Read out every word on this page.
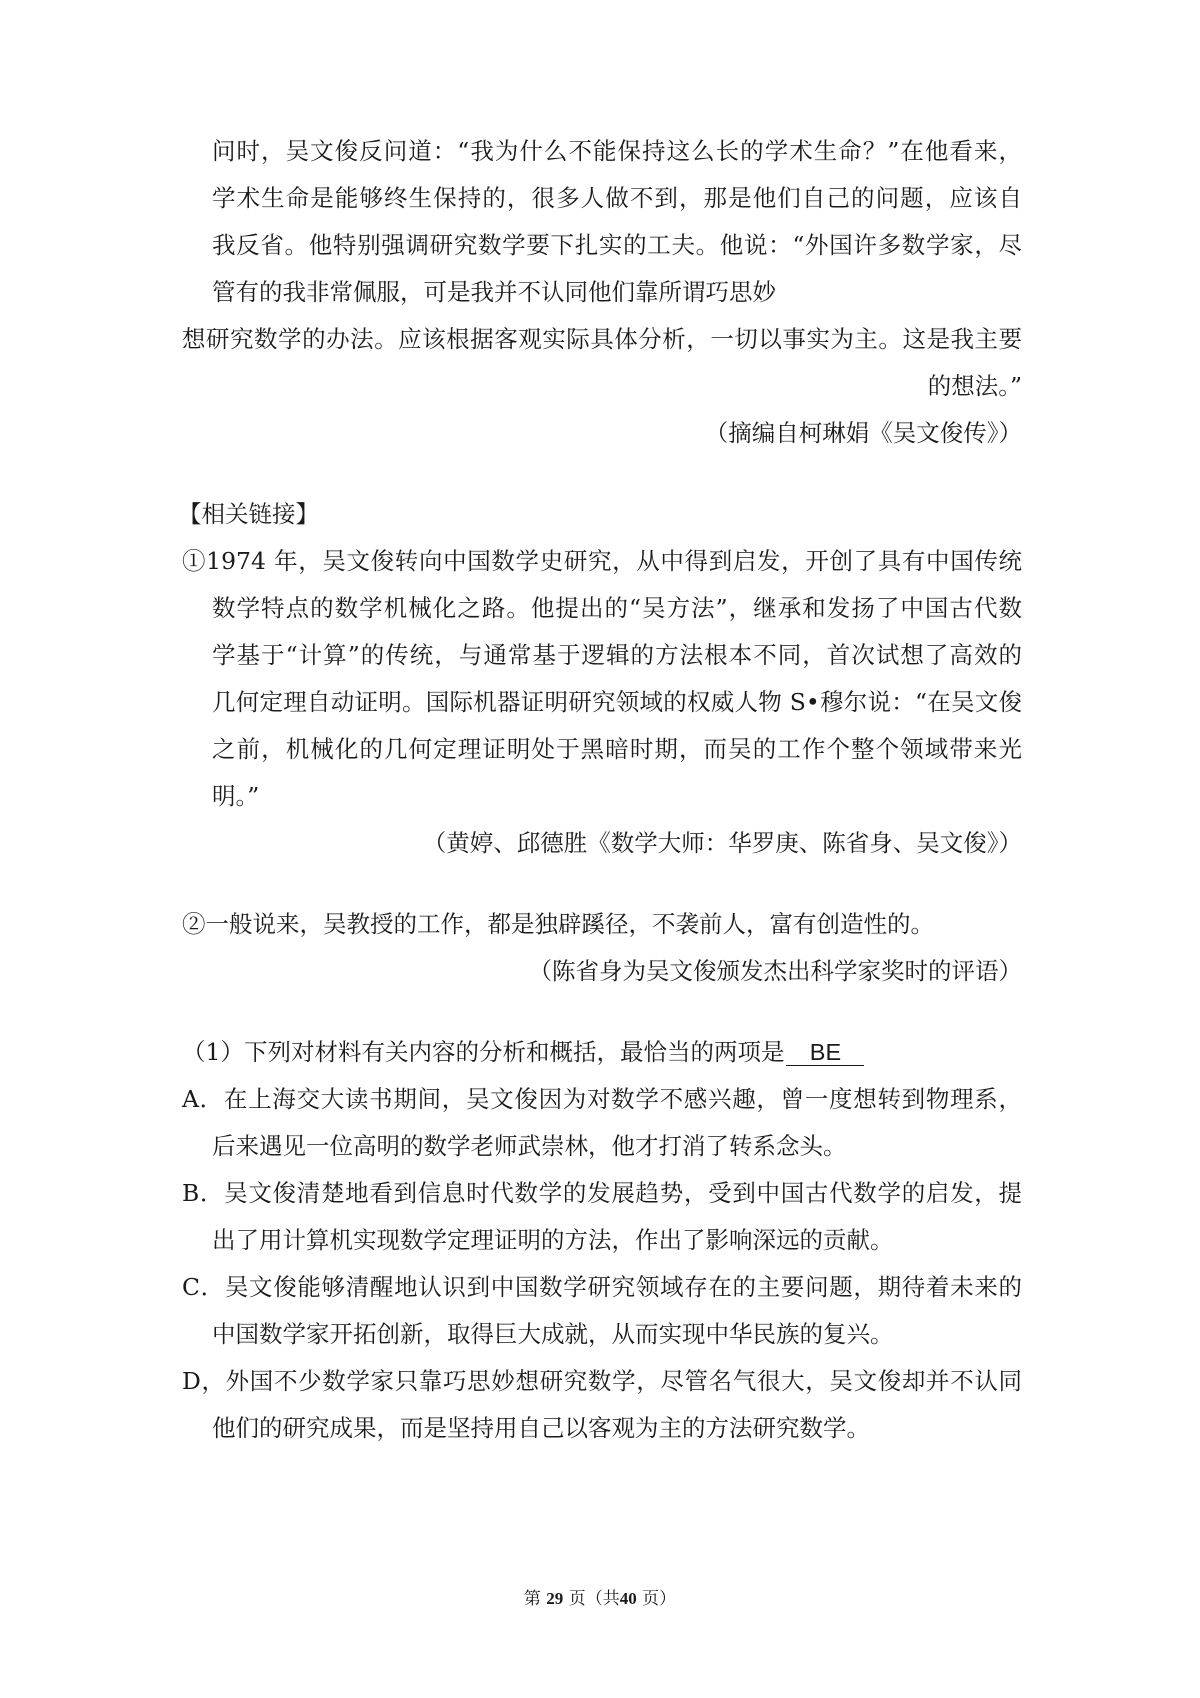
问时，吴文俊反问道：“我为什么不能保持这么长的学术生命？”在他看来，
学术生命是能够终生保持的，很多人做不到，那是他们自己的问题，应该自
我反省。他特别强调研究数学要下扎实的工夫。他说：“外国许多数学家，尽
管有的我非常佩服，可是我并不认同他们靠所谓巧思妙
想研究数学的办法。应该根据客观实际具体分析，一切以事实为主。这是我主要
的想法。”
（摘编自柯琳娟《吴文俊传》）
【相关链接】
①1974 年，吴文俊转向中国数学史研究，从中得到启发，开创了具有中国传统
数学特点的数学机械化之路。他提出的“吴方法”，继承和发扬了中国古代数
学基于“计算”的传统，与通常基于逻辑的方法根本不同，首次试想了高效的
几何定理自动证明。国际机器证明研究领域的权威人物 S•穆尔说：“在吴文俊
之前，机械化的几何定理证明处于黑暗时期，而吴的工作个整个领域带来光
明。”
（黄婷、邱德胜《数学大师：华罗庚、陈省身、吴文俊》）
②一般说来，吴教授的工作，都是独辟蹊径，不袭前人，富有创造性的。
（陈省身为吴文俊颁发杰出科学家奖时的评语）
（1）下列对材料有关内容的分析和概括，最恰当的两项是 BE
A．在上海交大读书期间，吴文俊因为对数学不感兴趣，曾一度想转到物理系，
后来遇见一位高明的数学老师武崇林，他才打消了转系念头。
B．吴文俊清楚地看到信息时代数学的发展趋势，受到中国古代数学的启发，提
出了用计算机实现数学定理证明的方法，作出了影响深远的贡献。
C．吴文俊能够清醒地认识到中国数学研究领域存在的主要问题，期待着未来的
中国数学家开拓创新，取得巨大成就，从而实现中华民族的复兴。
D，外国不少数学家只靠巧思妙想研究数学，尽管名气很大，吴文俊却并不认同
他们的研究成果，而是坚持用自己以客观为主的方法研究数学。
第 29 页（共40 页）
